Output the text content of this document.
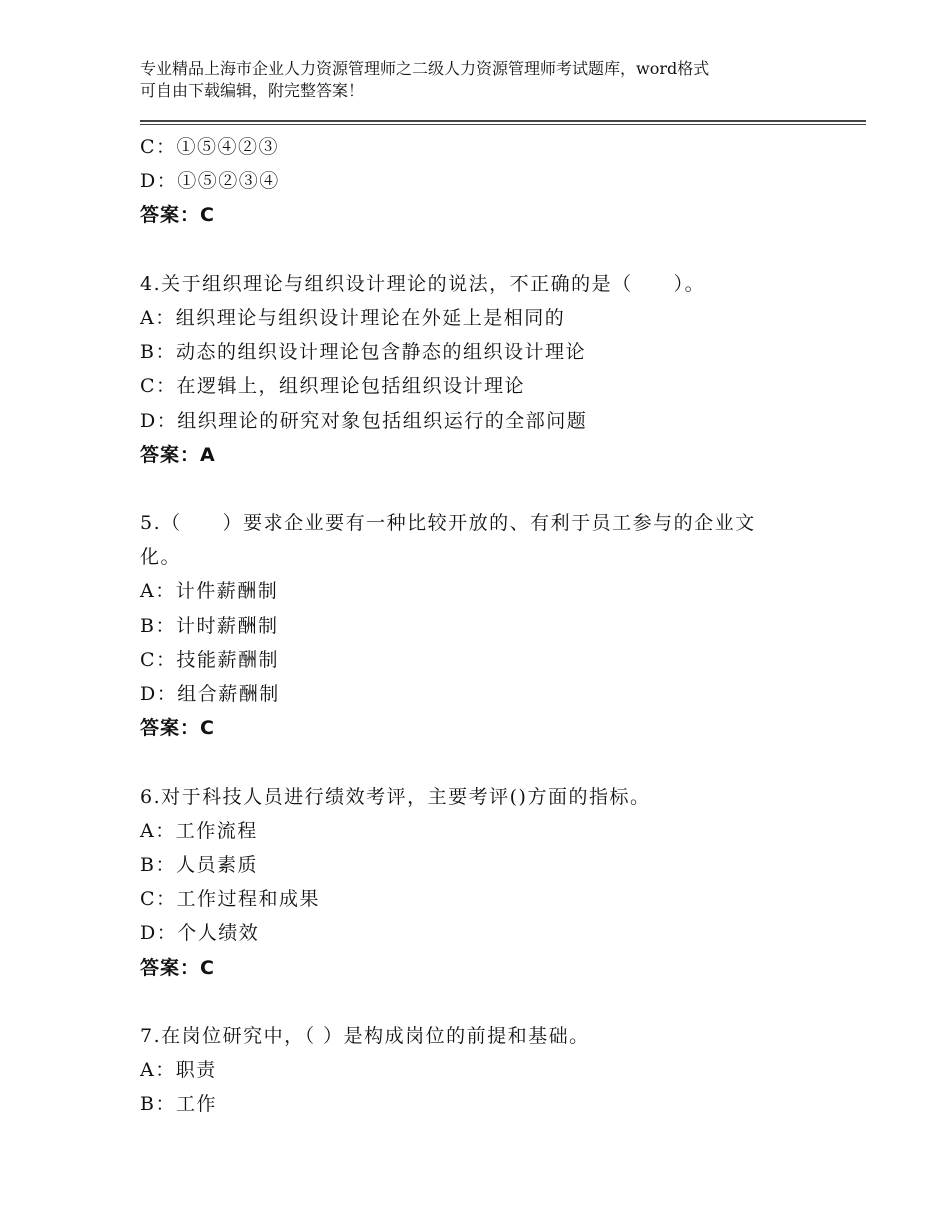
专业精品上海市企业人力资源管理师之二级人力资源管理师考试题库，word格式
可自由下载编辑，附完整答案！
C：①⑤④②③
D：①⑤②③④
答案：C
4.关于组织理论与组织设计理论的说法，不正确的是（　　）。
A：组织理论与组织设计理论在外延上是相同的
B：动态的组织设计理论包含静态的组织设计理论
C：在逻辑上，组织理论包括组织设计理论
D：组织理论的研究对象包括组织运行的全部问题
答案：A
5.（　　）要求企业要有一种比较开放的、有利于员工参与的企业文
化。
A：计件薪酬制
B：计时薪酬制
C：技能薪酬制
D：组合薪酬制
答案：C
6.对于科技人员进行绩效考评，主要考评()方面的指标。
A：工作流程
B：人员素质
C：工作过程和成果
D：个人绩效
答案：C
7.在岗位研究中，（ ）是构成岗位的前提和基础。
A：职责
B：工作
